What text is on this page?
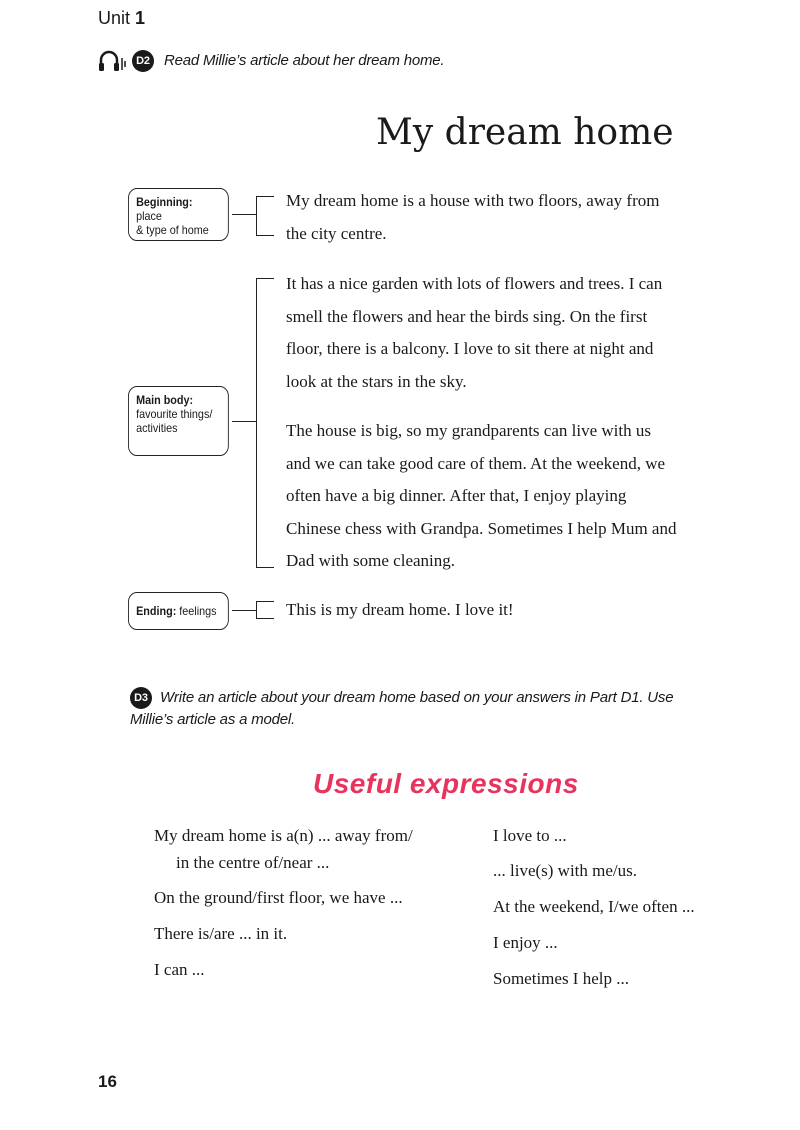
Unit 1
D2 Read Millie’s article about her dream home.
My dream home
Beginning: place
& type of home
My dream home is a house with two floors, away from
the city centre.
Main body:
favourite things/
activities
It has a nice garden with lots of flowers and trees. I can
smell the flowers and hear the birds sing. On the first
floor, there is a balcony. I love to sit there at night and
look at the stars in the sky.
The house is big, so my grandparents can live with us
and we can take good care of them. At the weekend, we
often have a big dinner. After that, I enjoy playing
Chinese chess with Grandpa. Sometimes I help Mum and
Dad with some cleaning.
Ending: feelings	This is my dream home. I love it!
D3 Write an article about your dream home based on your answers in Part D1. Use
Millie’s article as a model.
Useful expressions
My dream home is a(n) ... away from/
in the centre of/near ...
On the ground/first floor, we have ...
There is/are ... in it.
I can ...
I love to ...
... live(s) with me/us.
At the weekend, I/we often ...
I enjoy ...
Sometimes I help ...
16
